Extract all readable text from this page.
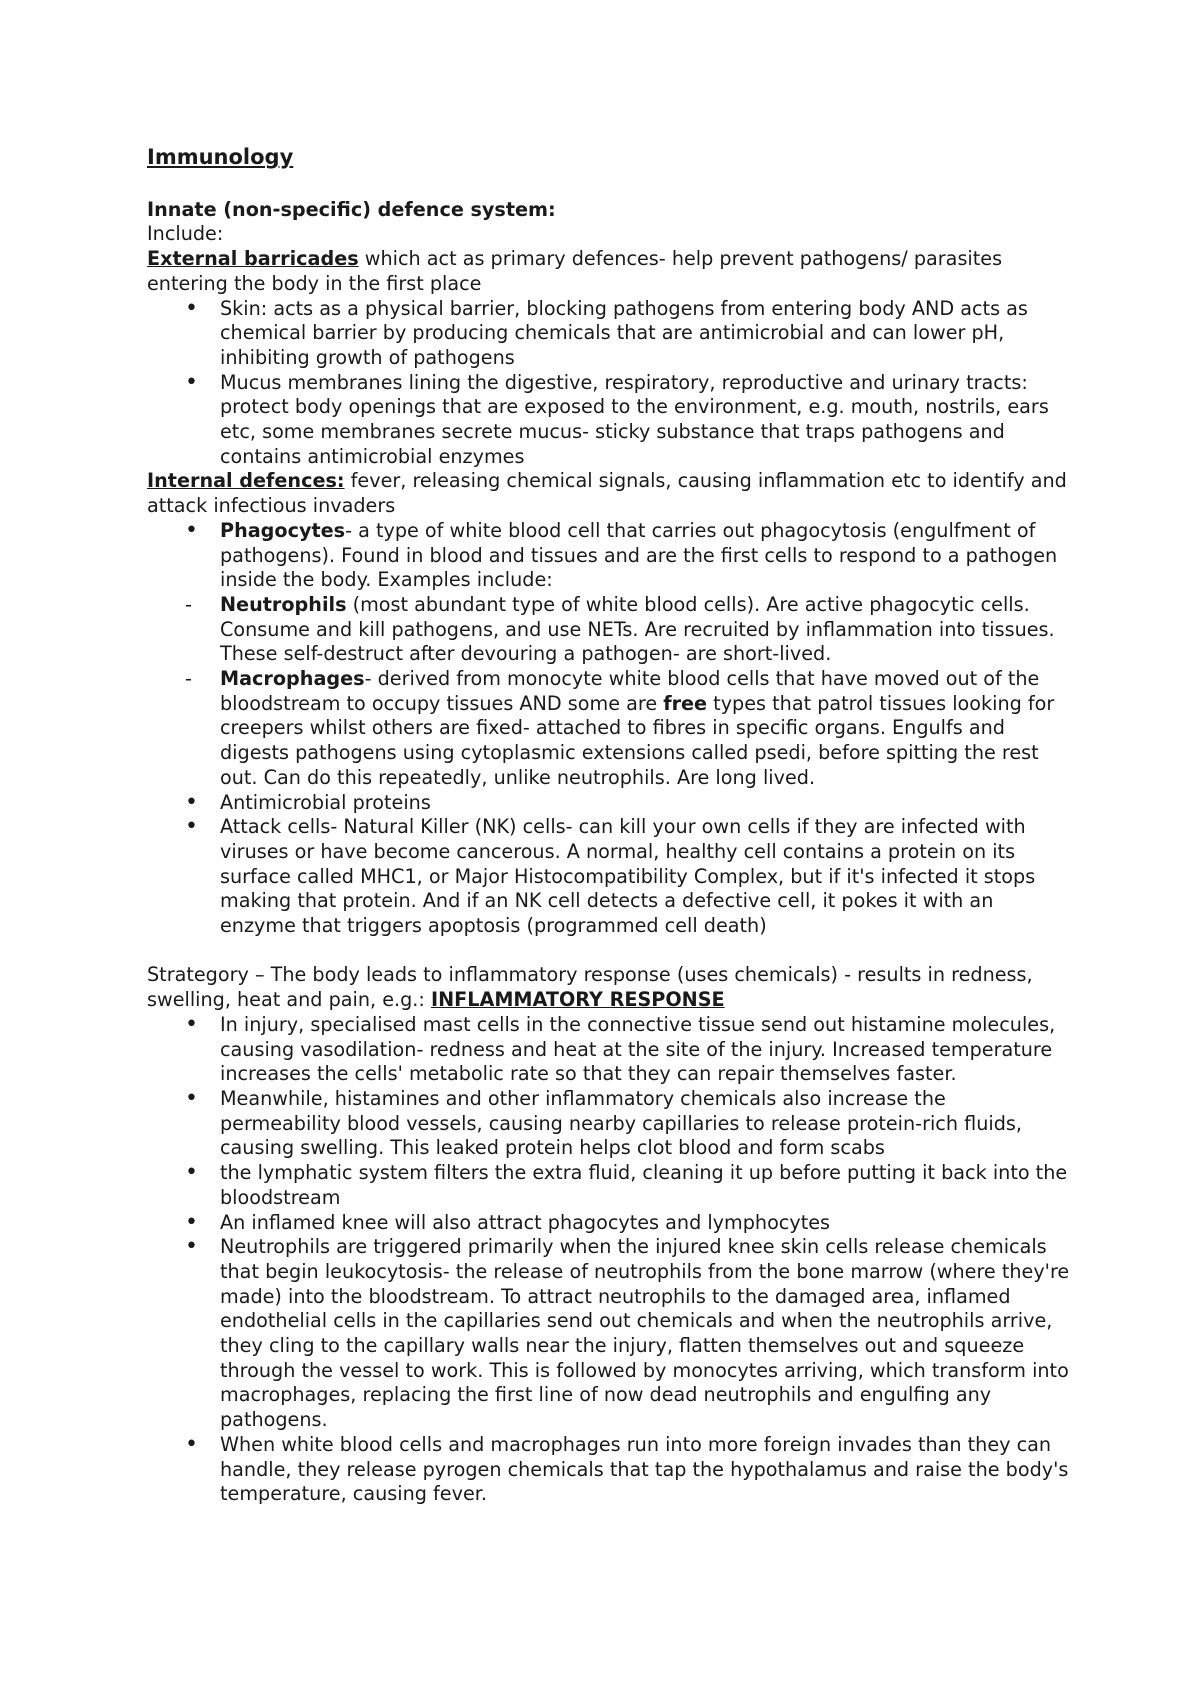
Immunology

Innate (non-specific) defence system:

Include:

External barricades which act as primary defences- help prevent pathogens/ parasites entering the body in the first place

•
Skin: acts as a physical barrier, blocking pathogens from entering body AND acts as chemical barrier by producing chemicals that are antimicrobial and can lower pH, inhibiting growth of pathogens
•
Mucus membranes lining the digestive, respiratory, reproductive and urinary tracts: protect body openings that are exposed to the environment, e.g. mouth, nostrils, ears etc, some membranes secrete mucus- sticky substance that traps pathogens and contains antimicrobial enzymes

Internal defences: fever, releasing chemical signals, causing inflammation etc to identify and attack infectious invaders

•
Phagocytes- a type of white blood cell that carries out phagocytosis (engulfment of pathogens). Found in blood and tissues and are the first cells to respond to a pathogen inside the body. Examples include:
-
Neutrophils (most abundant type of white blood cells). Are active phagocytic cells. Consume and kill pathogens, and use NETs. Are recruited by inflammation into tissues. These self-destruct after devouring a pathogen- are short-lived.
-
Macrophages- derived from monocyte white blood cells that have moved out of the bloodstream to occupy tissues AND some are free types that patrol tissues looking for creepers whilst others are fixed- attached to fibres in specific organs. Engulfs and digests pathogens using cytoplasmic extensions called psedi, before spitting the rest out. Can do this repeatedly, unlike neutrophils. Are long lived.
•
Antimicrobial proteins
•
Attack cells- Natural Killer (NK) cells- can kill your own cells if they are infected with viruses or have become cancerous. A normal, healthy cell contains a protein on its surface called MHC1, or Major Histocompatibility Complex, but if it's infected it stops making that protein. And if an NK cell detects a defective cell, it pokes it with an enzyme that triggers apoptosis (programmed cell death)

Strategory – The body leads to inflammatory response (uses chemicals) - results in redness, swelling, heat and pain, e.g.: INFLAMMATORY RESPONSE

•
In injury, specialised mast cells in the connective tissue send out histamine molecules, causing vasodilation- redness and heat at the site of the injury. Increased temperature increases the cells' metabolic rate so that they can repair themselves faster.
•
Meanwhile, histamines and other inflammatory chemicals also increase the permeability blood vessels, causing nearby capillaries to release protein-rich fluids, causing swelling. This leaked protein helps clot blood and form scabs
•
the lymphatic system filters the extra fluid, cleaning it up before putting it back into the bloodstream
•
An inflamed knee will also attract phagocytes and lymphocytes
•
Neutrophils are triggered primarily when the injured knee skin cells release chemicals that begin leukocytosis- the release of neutrophils from the bone marrow (where they're made) into the bloodstream. To attract neutrophils to the damaged area, inflamed endothelial cells in the capillaries send out chemicals and when the neutrophils arrive, they cling to the capillary walls near the injury, flatten themselves out and squeeze through the vessel to work. This is followed by monocytes arriving, which transform into macrophages, replacing the first line of now dead neutrophils and engulfing any pathogens.
•
When white blood cells and macrophages run into more foreign invades than they can handle, they release pyrogen chemicals that tap the hypothalamus and raise the body's temperature, causing fever.
